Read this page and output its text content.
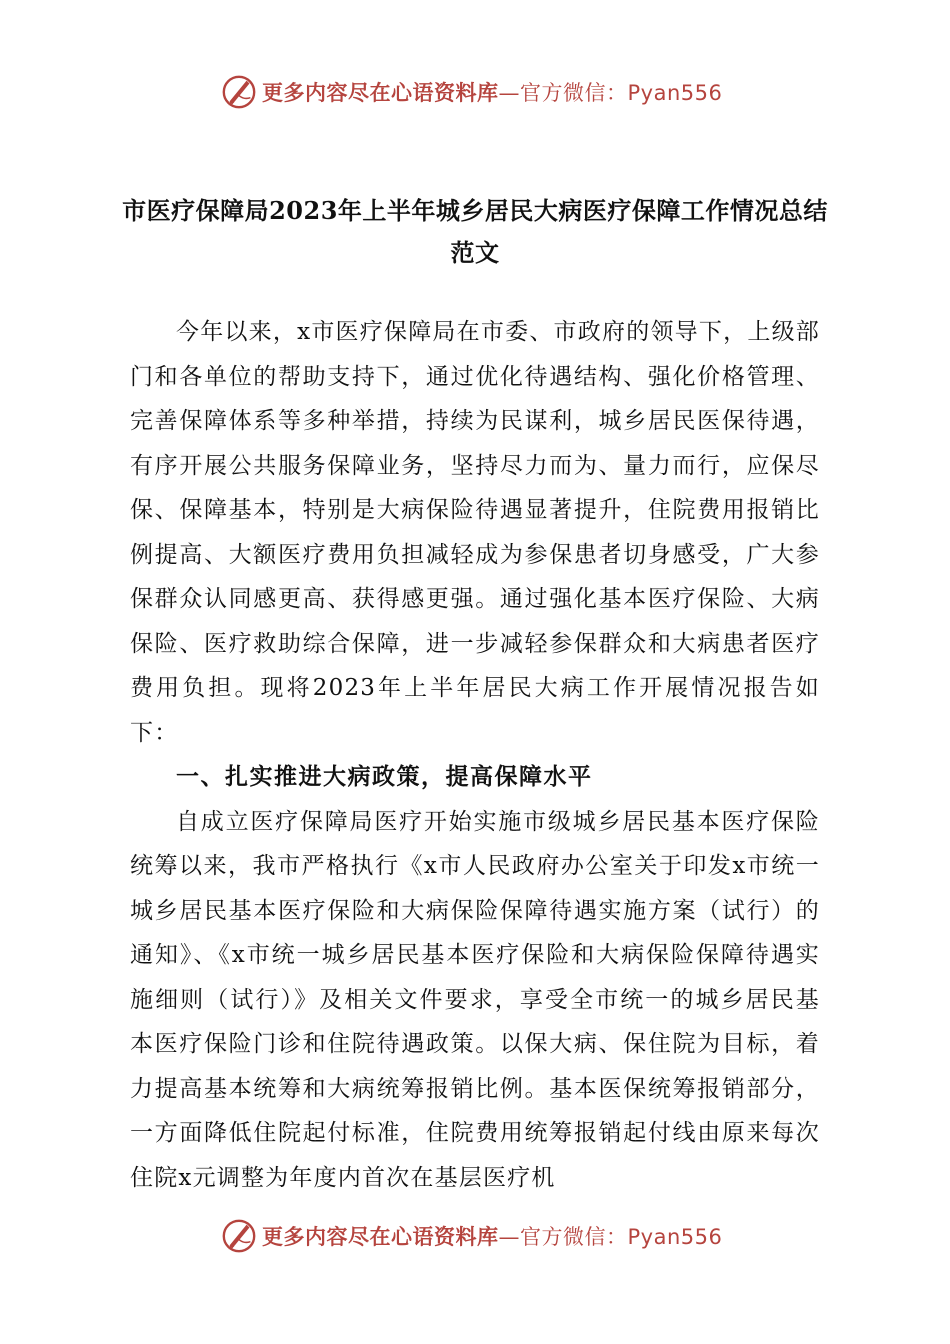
更多内容尽在心语资料库—官方微信：Pyan556
市医疗保障局2023年上半年城乡居民大病医疗保障工作情况总结范文

今年以来，x市医疗保障局在市委、市政府的领导下，上级部门和各单位的帮助支持下，通过优化待遇结构、强化价格管理、完善保障体系等多种举措，持续为民谋利，城乡居民医保待遇，有序开展公共服务保障业务，坚持尽力而为、量力而行，应保尽保、保障基本，特别是大病保险待遇显著提升，住院费用报销比例提高、大额医疗费用负担减轻成为参保患者切身感受，广大参保群众认同感更高、获得感更强。通过强化基本医疗保险、大病保险、医疗救助综合保障，进一步减轻参保群众和大病患者医疗费用负担。现将2023年上半年居民大病工作开展情况报告如下：

一、扎实推进大病政策，提高保障水平

自成立医疗保障局医疗开始实施市级城乡居民基本医疗保险统筹以来，我市严格执行《x市人民政府办公室关于印发x市统一城乡居民基本医疗保险和大病保险保障待遇实施方案（试行）的通知》、《x市统一城乡居民基本医疗保险和大病保险保障待遇实施细则（试行）》及相关文件要求，享受全市统一的城乡居民基本医疗保险门诊和住院待遇政策。以保大病、保住院为目标，着力提高基本统筹和大病统筹报销比例。基本医保统筹报销部分，一方面降低住院起付标准，住院费用统筹报销起付线由原来每次住院x元调整为年度内首次在基层医疗机

更多内容尽在心语资料库—官方微信：Pyan556
